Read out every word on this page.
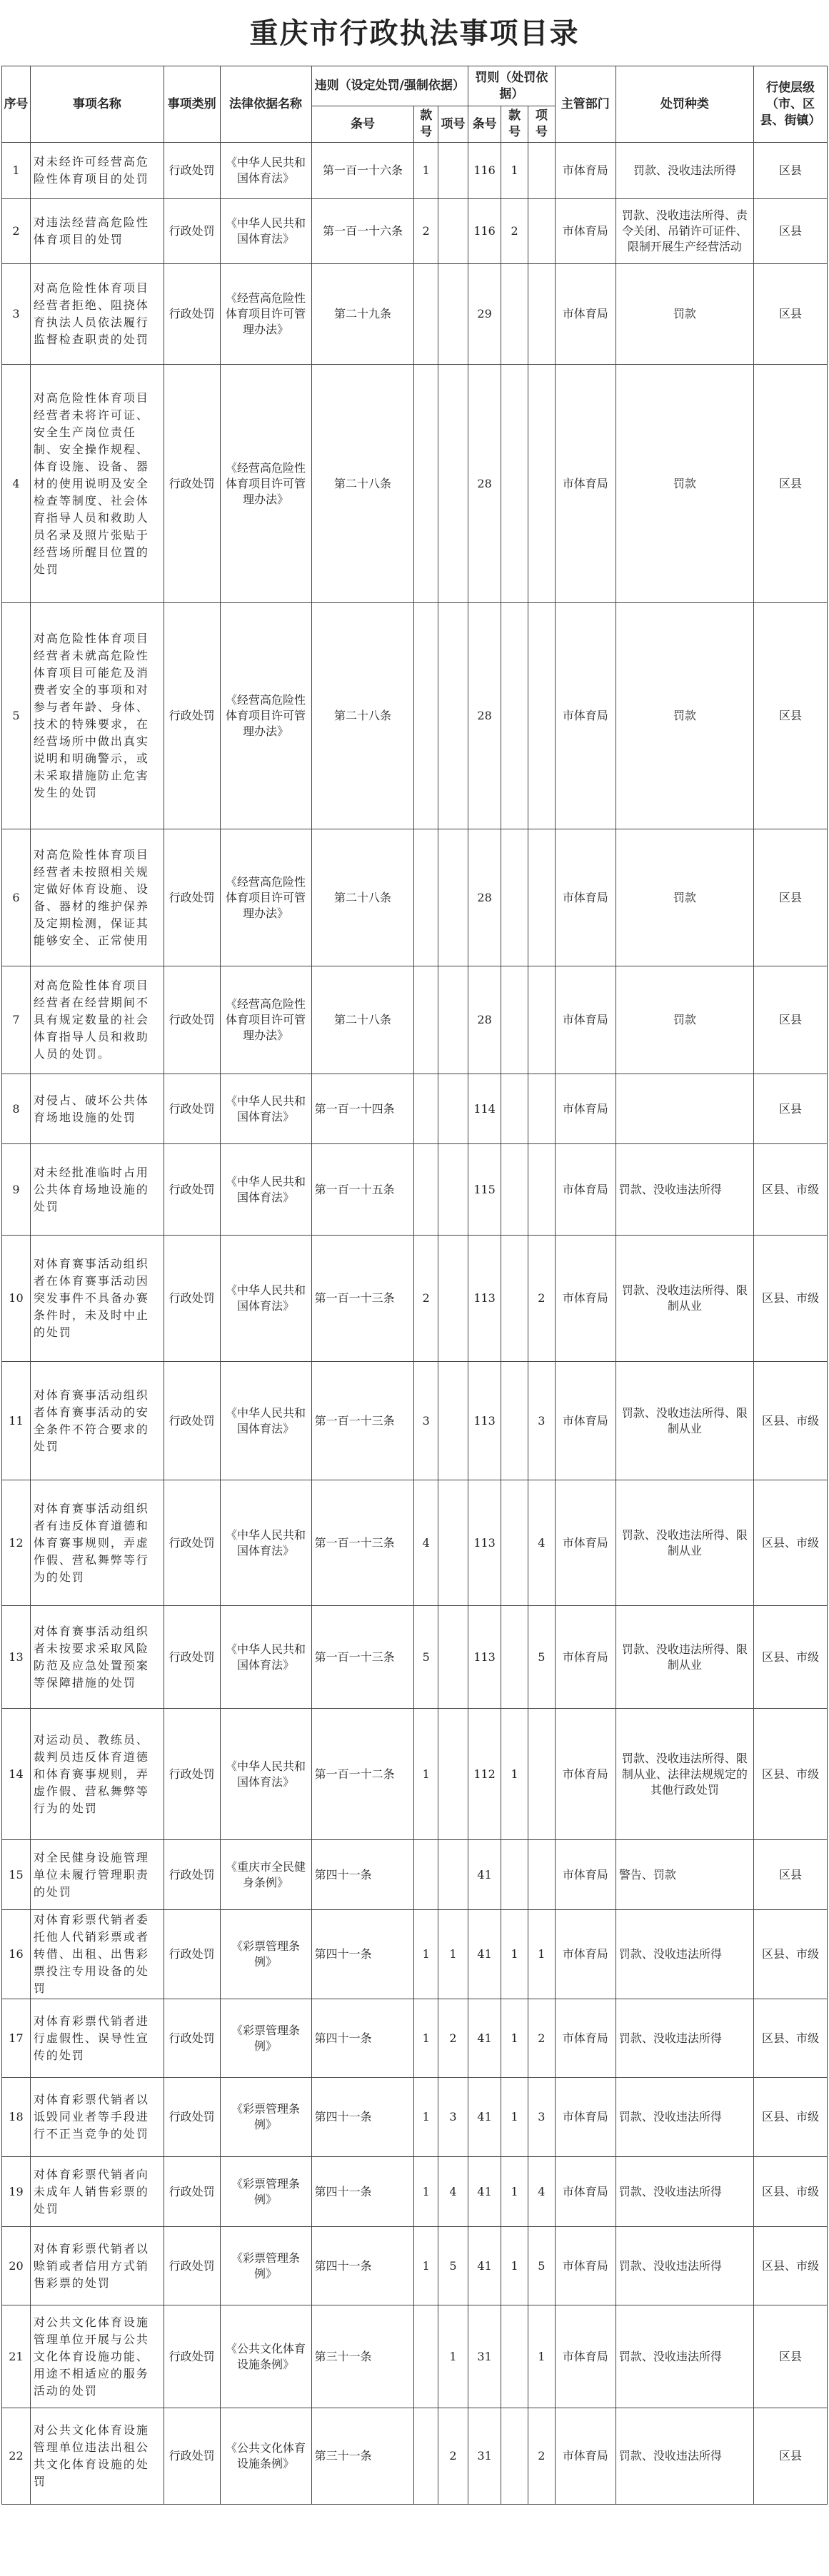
重庆市行政执法事项目录
序号	事项名称	事项类别	法律依据名称	违则（设定处罚/强制依据）			罚则（处罚依据）			主管部门	处罚种类	行使层级（市、区县、街镇）
				条号	款号	项号	条号	款号	项号			
1	对未经许可经营高危险性体育项目的处罚	行政处罚	《中华人民共和国体育法》	第一百一十六条	1		116	1		市体育局	罚款、没收违法所得	区县
2	对违法经营高危险性体育项目的处罚	行政处罚	《中华人民共和国体育法》	第一百一十六条	2		116	2		市体育局	罚款、没收违法所得、责令关闭、吊销许可证件、限制开展生产经营活动	区县
3	对高危险性体育项目经营者拒绝、阻挠体育执法人员依法履行监督检查职责的处罚	行政处罚	《经营高危险性体育项目许可管理办法》	第二十九条			29			市体育局	罚款	区县
4	对高危险性体育项目经营者未将许可证、安全生产岗位责任制、安全操作规程、体育设施、设备、器材的使用说明及安全检查等制度、社会体育指导人员和救助人员名录及照片张贴于经营场所醒目位置的处罚	行政处罚	《经营高危险性体育项目许可管理办法》	第二十八条			28			市体育局	罚款	区县
5	对高危险性体育项目经营者未就高危险性体育项目可能危及消费者安全的事项和对参与者年龄、身体、技术的特殊要求，在经营场所中做出真实说明和明确警示，或未采取措施防止危害发生的处罚	行政处罚	《经营高危险性体育项目许可管理办法》	第二十八条			28			市体育局	罚款	区县
6	对高危险性体育项目经营者未按照相关规定做好体育设施、设备、器材的维护保养及定期检测，保证其能够安全、正常使用	行政处罚	《经营高危险性体育项目许可管理办法》	第二十八条			28			市体育局	罚款	区县
7	对高危险性体育项目经营者在经营期间不具有规定数量的社会体育指导人员和救助人员的处罚。	行政处罚	《经营高危险性体育项目许可管理办法》	第二十八条			28			市体育局	罚款	区县
8	对侵占、破坏公共体育场地设施的处罚	行政处罚	《中华人民共和国体育法》	第一百一十四条			114			市体育局		区县
9	对未经批准临时占用公共体育场地设施的处罚	行政处罚	《中华人民共和国体育法》	第一百一十五条			115			市体育局	罚款、没收违法所得	区县、市级
10	对体育赛事活动组织者在体育赛事活动因突发事件不具备办赛条件时，未及时中止的处罚	行政处罚	《中华人民共和国体育法》	第一百一十三条	2		113		2	市体育局	罚款、没收违法所得、限制从业	区县、市级
11	对体育赛事活动组织者体育赛事活动的安全条件不符合要求的处罚	行政处罚	《中华人民共和国体育法》	第一百一十三条	3		113		3	市体育局	罚款、没收违法所得、限制从业	区县、市级
12	对体育赛事活动组织者有违反体育道德和体育赛事规则，弄虚作假、营私舞弊等行为的处罚	行政处罚	《中华人民共和国体育法》	第一百一十三条	4		113		4	市体育局	罚款、没收违法所得、限制从业	区县、市级
13	对体育赛事活动组织者未按要求采取风险防范及应急处置预案等保障措施的处罚	行政处罚	《中华人民共和国体育法》	第一百一十三条	5		113		5	市体育局	罚款、没收违法所得、限制从业	区县、市级
14	对运动员、教练员、裁判员违反体育道德和体育赛事规则，弄虚作假、营私舞弊等行为的处罚	行政处罚	《中华人民共和国体育法》	第一百一十二条	1		112	1		市体育局	罚款、没收违法所得、限制从业、法律法规规定的其他行政处罚	区县、市级
15	对全民健身设施管理单位未履行管理职责的处罚	行政处罚	《重庆市全民健身条例》	第四十一条			41			市体育局	警告、罚款	区县
16	对体育彩票代销者委托他人代销彩票或者转借、出租、出售彩票投注专用设备的处罚	行政处罚	《彩票管理条例》	第四十一条	1	1	41	1	1	市体育局	罚款、没收违法所得	区县、市级
17	对体育彩票代销者进行虚假性、误导性宣传的处罚	行政处罚	《彩票管理条例》	第四十一条	1	2	41	1	2	市体育局	罚款、没收违法所得	区县、市级
18	对体育彩票代销者以诋毁同业者等手段进行不正当竞争的处罚	行政处罚	《彩票管理条例》	第四十一条	1	3	41	1	3	市体育局	罚款、没收违法所得	区县、市级
19	对体育彩票代销者向未成年人销售彩票的处罚	行政处罚	《彩票管理条例》	第四十一条	1	4	41	1	4	市体育局	罚款、没收违法所得	区县、市级
20	对体育彩票代销者以赊销或者信用方式销售彩票的处罚	行政处罚	《彩票管理条例》	第四十一条	1	5	41	1	5	市体育局	罚款、没收违法所得	区县、市级
21	对公共文化体育设施管理单位开展与公共文化体育设施功能、用途不相适应的服务活动的处罚	行政处罚	《公共文化体育设施条例》	第三十一条		1	31		1	市体育局	罚款、没收违法所得	区县
22	对公共文化体育设施管理单位违法出租公共文化体育设施的处罚	行政处罚	《公共文化体育设施条例》	第三十一条		2	31		2	市体育局	罚款、没收违法所得	区县
